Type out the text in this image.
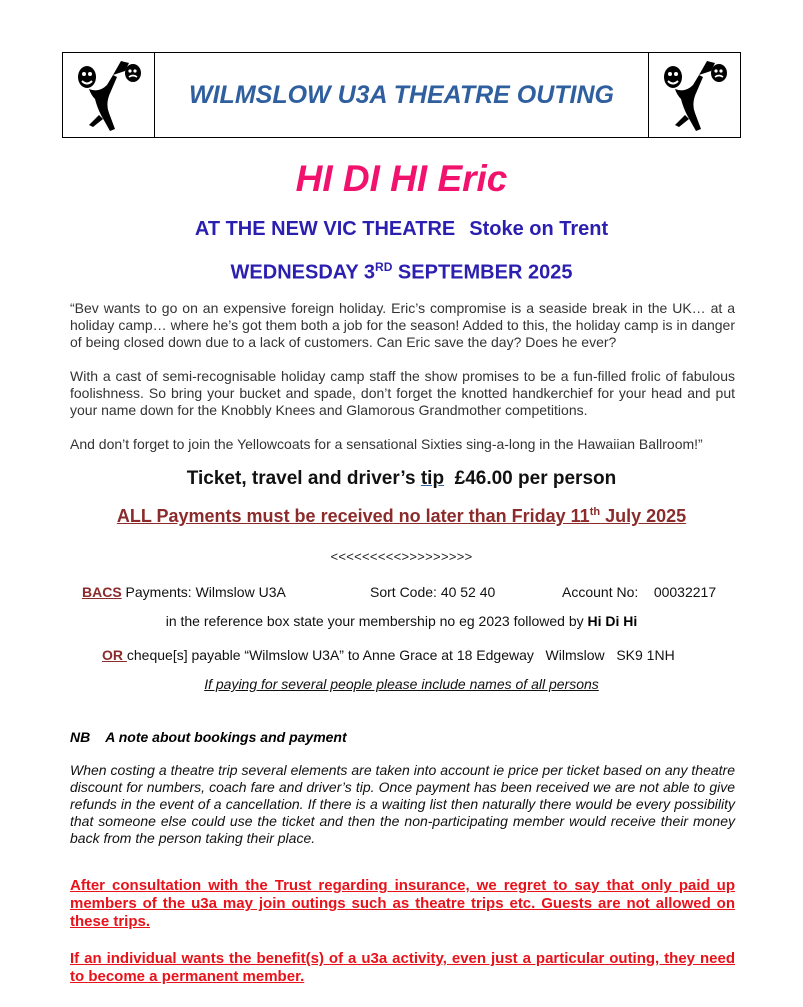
WILMSLOW U3A THEATRE OUTING
HI DI HI Eric
AT THE NEW VIC THEATRE Stoke on Trent
WEDNESDAY 3RD SEPTEMBER 2025
“Bev wants to go on an expensive foreign holiday. Eric’s compromise is a seaside break in the UK… at a holiday camp… where he’s got them both a job for the season! Added to this, the holiday camp is in danger of being closed down due to a lack of customers. Can Eric save the day? Does he ever?
With a cast of semi-recognisable holiday camp staff the show promises to be a fun-filled frolic of fabulous foolishness. So bring your bucket and spade, don’t forget the knotted handkerchief for your head and put your name down for the Knobbly Knees and Glamorous Grandmother competitions.
And don’t forget to join the Yellowcoats for a sensational Sixties sing-a-long in the Hawaiian Ballroom!”
Ticket, travel and driver’s tip  £46.00 per person
ALL Payments must be received no later than Friday 11th July 2025
<<<<<<<<<>>>>>>>>>
BACS Payments: Wilmslow U3A	Sort Code: 40 52 40	Account No:    00032217
in the reference box state your membership no eg 2023 followed by Hi Di Hi
OR cheque[s] payable “Wilmslow U3A” to Anne Grace at 18 Edgeway   Wilmslow   SK9 1NH
If paying for several people please include names of all persons
NB    A note about bookings and payment
When costing a theatre trip several elements are taken into account ie price per ticket based on any theatre discount for numbers, coach fare and driver’s tip. Once payment has been received we are not able to give refunds in the event of a cancellation. If there is a waiting list then naturally there would be every possibility that someone else could use the ticket and then the non-participating member would receive their money back from the person taking their place.
After consultation with the Trust regarding insurance, we regret to say that only paid up members of the u3a may join outings such as theatre trips etc. Guests are not allowed on these trips.
If an individual wants the benefit(s) of a u3a activity, even just a particular outing, they need to become a permanent member.
